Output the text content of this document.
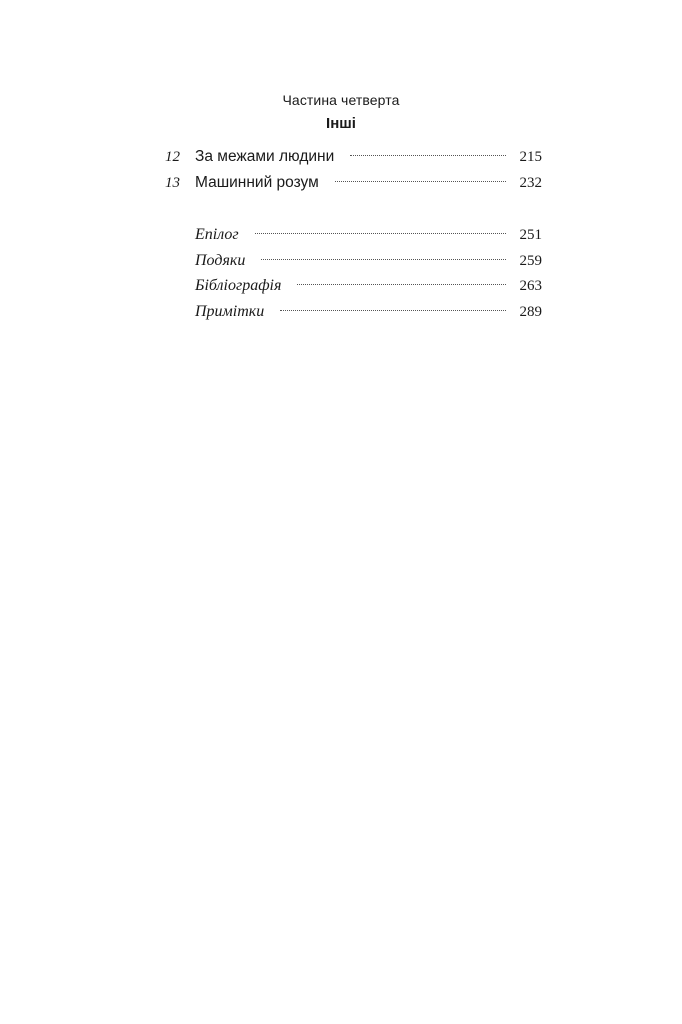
Частина четверта
Інші
12 За межами людини	215
13 Машинний розум	232
Епілог	251
Подяки	259
Бібліографія	263
Примітки	289
